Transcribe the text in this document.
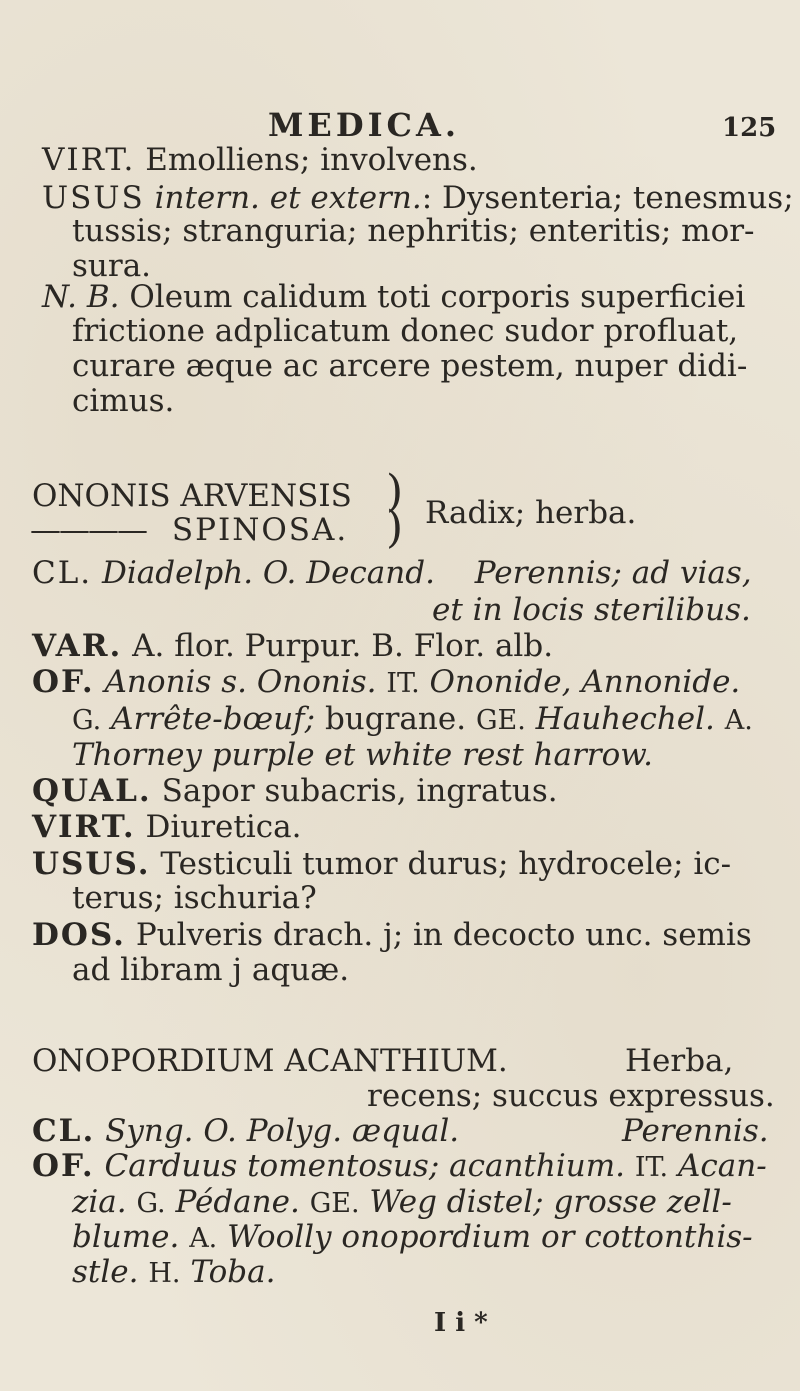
MEDICA.	125
VIRT. Emolliens; involvens.
USUS intern. et extern.: Dysenteria; tenesmus;
tussis; stranguria; nephritis; enteritis; mor-
sura.
N. B. Oleum calidum toti corporis superficiei
frictione adplicatum donec sudor profluat,
curare æque ac arcere pestem, nuper didi-
cimus.
ONONIS ARVENSIS
———— SPINOSA.
)
) Radix; herba.
CL. Diadelph. O. Decand. Perennis; ad vias,
et in locis sterilibus.
VAR. A. flor. Purpur. B. Flor. alb.
OF. Anonis s. Ononis. IT. Ononide, Annonide.
G. Arrête-bœuf; bugrane. GE. Hauhechel. A.
Thorney purple et white rest harrow.
QUAL. Sapor subacris, ingratus.
VIRT. Diuretica.
USUS. Testiculi tumor durus; hydrocele; ic-
terus; ischuria?
DOS. Pulveris drach. j; in decocto unc. semis
ad libram j aquæ.
ONOPORDIUM ACANTHIUM.	Herba,
recens; succus expressus.
CL. Syng. O. Polyg. æqual.	Perennis.
OF. Carduus tomentosus; acanthium. IT. Acan-
zia. G. Pédane. GE. Weg distel; grosse zell-
blume. A. Woolly onopordium or cottonthis-
stle. H. Toba.
I i *
